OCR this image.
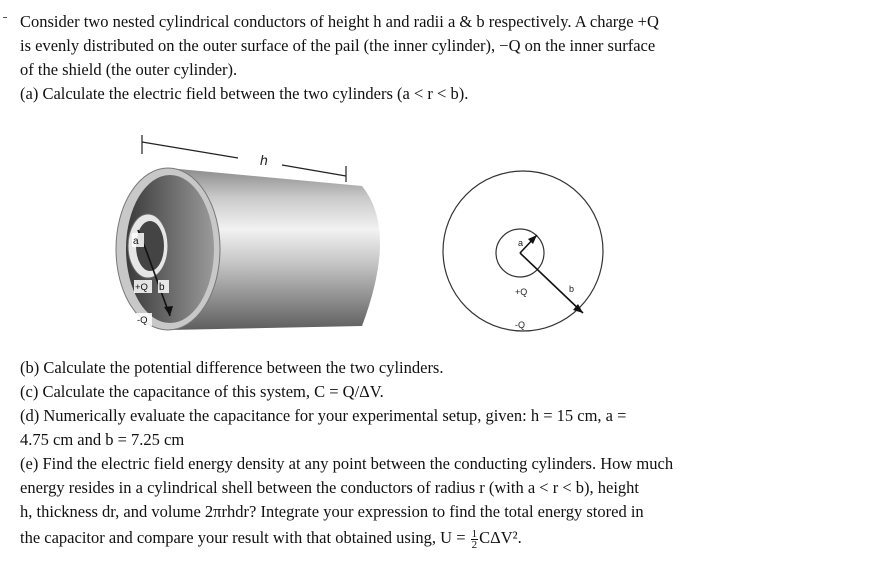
Consider two nested cylindrical conductors of height h and radii a & b respectively. A charge +Q
is evenly distributed on the outer surface of the pail (the inner cylinder), −Q on the inner surface
of the shield (the outer cylinder).
(a) Calculate the electric field between the two cylinders (a < r < b).
h
a
+Q b
-Q
a
b
+Q
-Q
(b) Calculate the potential difference between the two cylinders.
(c) Calculate the capacitance of this system, C = Q/ΔV.
(d) Numerically evaluate the capacitance for your experimental setup, given: h = 15 cm, a =
4.75 cm and b = 7.25 cm
(e) Find the electric field energy density at any point between the conducting cylinders. How much
energy resides in a cylindrical shell between the conductors of radius r (with a < r < b), height
h, thickness dr, and volume 2πrhdr? Integrate your expression to find the total energy stored in
the capacitor and compare your result with that obtained using, $U = \frac{1}{2} C\Delta V^2$.
